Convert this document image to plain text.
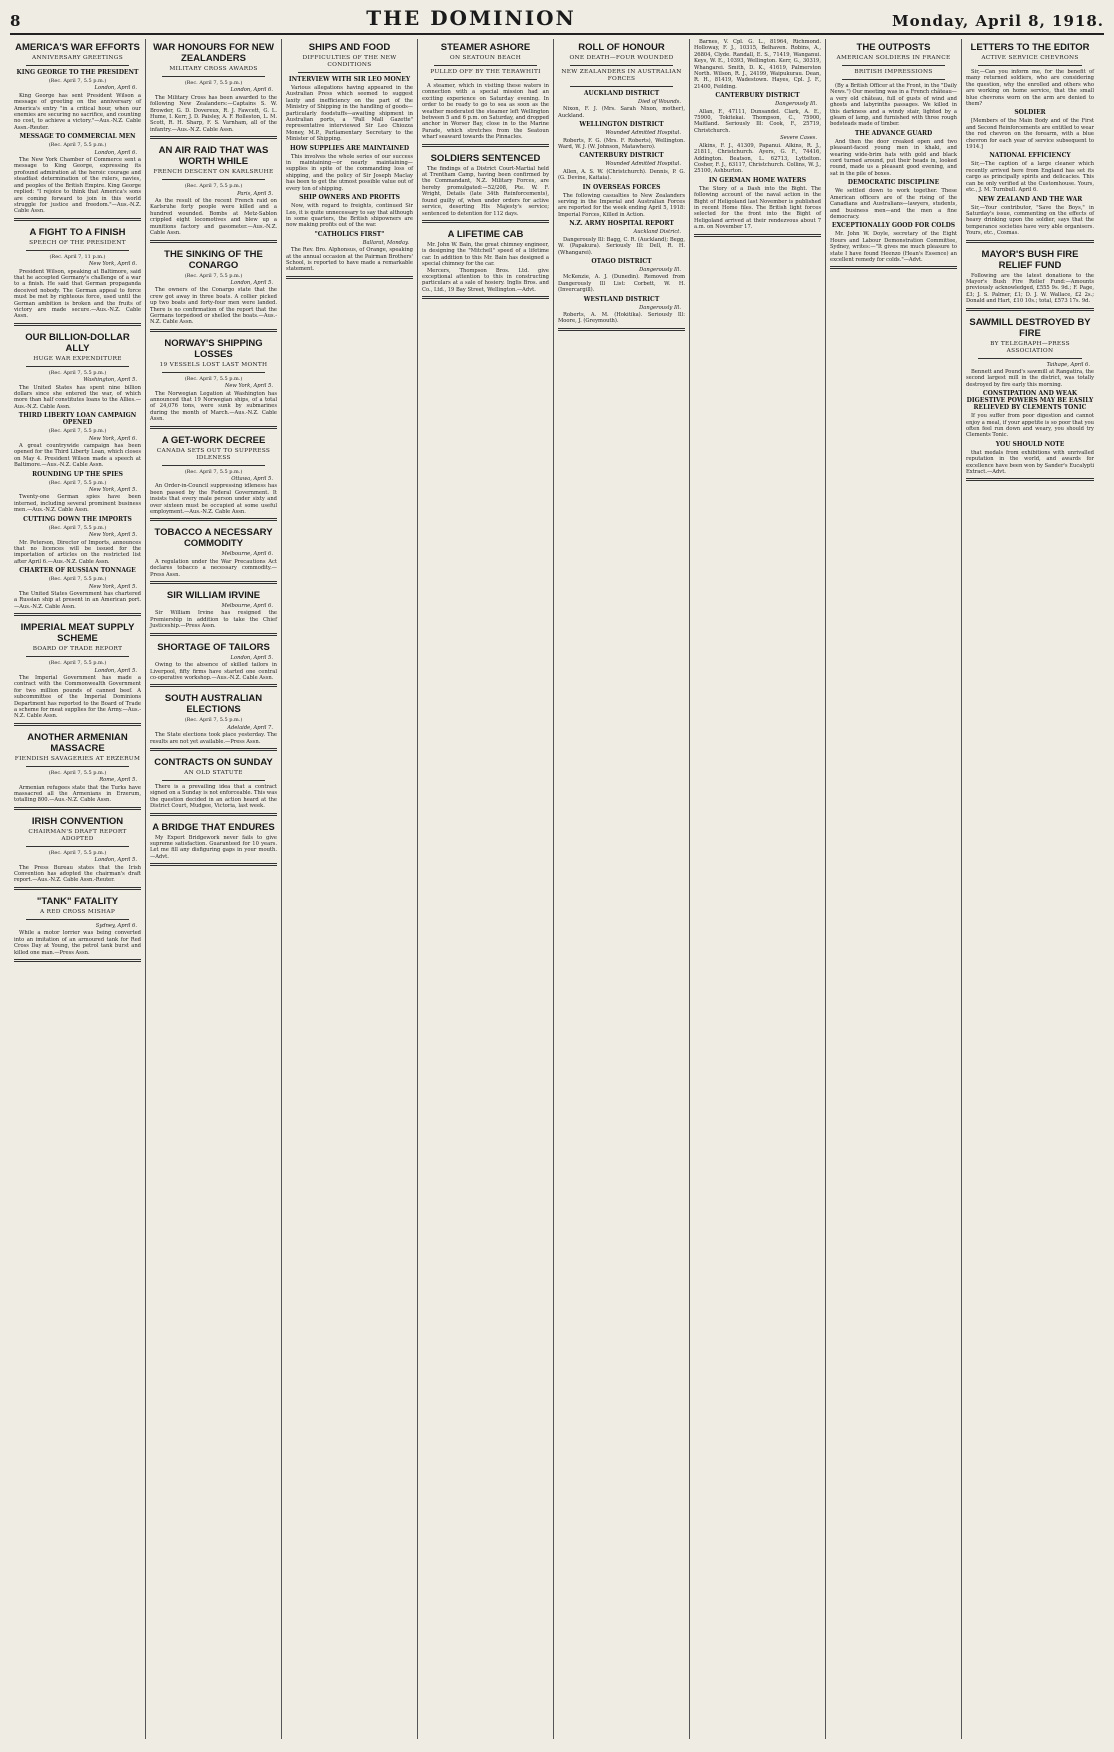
8	THE DOMINION	Monday, April 8, 1918.
AMERICA'S WAR EFFORTS
ANNIVERSARY GREETINGS
KING GEORGE TO THE PRESIDENT
(Rec. April 7, 5.5 p.m.)
London, April 6.

King George has sent President Wilson a message of greeting on the anniversary of America's entry "in a critical hour, when our enemies are securing no sacrifice, and counting no cost, to achieve a victory."—Aus.-N.Z. Cable Assn.-Reuter.

MESSAGE TO COMMERCIAL MEN
(Rec. April 7, 5.5 p.m.)
London, April 6.

The New York Chamber of Commerce sent a message to King George, expressing its profound admiration at the heroic courage and steadfast determination of the rulers, navies, and peoples of the British Empire. King George replied: "I rejoice to think that America's sons are coming forward to join in this world struggle for justice and freedom."—Aus.-N.Z. Cable Assn.

A FIGHT TO A FINISH
SPEECH OF THE PRESIDENT
(Rec. April 7, 11 p.m.)
New York, April 6.

President Wilson, speaking at Baltimore, said that he accepted Germany's challenge of a war to a finish. He said that German propaganda deceived nobody. The German appeal to force must be met by righteous force, used until the German ambition is broken and the fruits of victory are made secure.—Aus.-N.Z. Cable Assn.

OUR BILLION-DOLLAR ALLY
HUGE WAR EXPENDITURE
(Rec. April 7, 5.5 p.m.)
Washington, April 5.

The United States has spent nine billion dollars since she entered the war, of which more than half constitutes loans to the Allies.—Aus.-N.Z. Cable Assn.

THIRD LIBERTY LOAN CAMPAIGN OPENED
(Rec. April 7, 5.5 p.m.)
New York, April 6.

A great countrywide campaign has been opened for the Third Liberty Loan, which closes on May 4. President Wilson made a speech at Baltimore.—Aus.-N.Z. Cable Assn.

ROUNDING UP THE SPIES
(Rec. April 7, 5.5 p.m.)
New York, April 5.

Twenty-one German spies have been interned, including several prominent business men.—Aus.-N.Z. Cable Assn.

CUTTING DOWN THE IMPORTS
(Rec. April 7, 5.5 p.m.)
New York, April 5.

Mr. Peterson, Director of Imports, announces that no licences will be issued for the importation of articles on the restricted list after April 6.—Aus.-N.Z. Cable Assn.

CHARTER OF RUSSIAN TONNAGE
(Rec. April 7, 5.5 p.m.)
New York, April 5.

The United States Government has chartered a Russian ship at present in an American port.—Aus.-N.Z. Cable Assn.

IMPERIAL MEAT SUPPLY SCHEME
BOARD OF TRADE REPORT
(Rec. April 7, 5.5 p.m.)
London, April 5.

The Imperial Government has made a contract with the Commonwealth Government for two million pounds of canned beef. A subcommittee of the Imperial Dominions Department has reported to the Board of Trade a scheme for meat supplies for the Army.—Aus.-N.Z. Cable Assn.

ANOTHER ARMENIAN MASSACRE
FIENDISH SAVAGERIES AT ERZERUM
(Rec. April 7, 5.5 p.m.)
Rome, April 5.

Armenian refugees state that the Turks have massacred all the Armenians in Erzerum, totalling 800.—Aus.-N.Z. Cable Assn.

IRISH CONVENTION
CHAIRMAN'S DRAFT REPORT ADOPTED
(Rec. April 7, 5.5 p.m.)
London, April 5.

The Press Bureau states that the Irish Convention has adopted the chairman's draft report.—Aus.-N.Z. Cable Assn.-Reuter.

"TANK" FATALITY
A RED CROSS MISHAP
Sydney, April 6.

While a motor lorrier was being converted into an imitation of an armoured tank for Red Cross Day at Young, the petrol tank burst and killed one man.—Press Assn.

WAR HONOURS FOR NEW ZEALANDERS
MILITARY CROSS AWARDS
(Rec. April 7, 5.5 p.m.)
London, April 6.

The Military Cross has been awarded to the following New Zealanders:—Captains S. W. Browder, G. D. Dovereux, R. J. Fawcett, G. L. Hume, I. Kerr, J. D. Paisley, A. F. Rolleston, L. M. Scott, R. H. Sharp, F. S. Varnham, all of the infantry.—Aus.-N.Z. Cable Assn.

AN AIR RAID THAT WAS WORTH WHILE
FRENCH DESCENT ON KARLSRUHE
(Rec. April 7, 5.5 p.m.)
Paris, April 5.

As the result of the recent French raid on Karlsruhe forty people were killed and a hundred wounded. Bombs at Metz-Sablon crippled eight locomotives and blew up a munitions factory and gasometer.—Aus.-N.Z. Cable Assn.

THE SINKING OF THE CONARGO
(Rec. April 7, 5.5 p.m.)
London, April 5.

The owners of the Conargo state that the crew got away in three boats. A collier picked up two boats and forty-four men were landed. There is no confirmation of the report that the Germans torpedoed or shelled the boats.—Aus.-N.Z. Cable Assn.

NORWAY'S SHIPPING LOSSES
19 VESSELS LOST LAST MONTH
(Rec. April 7, 5.5 p.m.)
New York, April 5.

The Norwegian Legation at Washington has announced that 19 Norwegian ships, of a total of 24,076 tons, were sunk by submarines during the month of March.—Aus.-N.Z. Cable Assn.

A GET-WORK DECREE
CANADA SETS OUT TO SUPPRESS IDLENESS
(Rec. April 7, 5.5 p.m.)
Ottawa, April 5.

An Order-in-Council suppressing idleness has been passed by the Federal Government. It insists that every male person under sixty and over sixteen must be occupied at some useful employment.—Aus.-N.Z. Cable Assn.

TOBACCO A NECESSARY COMMODITY
Melbourne, April 6.

A regulation under the War Precautions Act declares tobacco a necessary commodity.—Press Assn.

SIR WILLIAM IRVINE
Melbourne, April 6.

Sir William Irvine has resigned the Premiership in addition to take the Chief Justiceship.—Press Assn.

SHORTAGE OF TAILORS
London, April 5.

Owing to the absence of skilled tailors in Liverpool, fifty firms have started one central co-operative workshop.—Aus.-N.Z. Cable Assn.

SOUTH AUSTRALIAN ELECTIONS
(Rec. April 7, 5.5 p.m.)
Adelaide, April 7.

The State elections took place yesterday. The results are not yet available.—Press Assn.

CONTRACTS ON SUNDAY
AN OLD STATUTE

There is a prevailing idea that a contract signed on a Sunday is not enforceable. This was the question decided in an action heard at the District Court, Mudgee, Victoria, last week.

A BRIDGE THAT ENDURES

My Expert Bridgework never fails to give supreme satisfaction. Guaranteed for 10 years. Let me fill any disfiguring gaps in your mouth.—Advt.

SHIPS AND FOOD
DIFFICULTIES OF THE NEW CONDITIONS
INTERVIEW WITH SIR LEO MONEY

Various allegations having appeared in the Australian Press which seemed to suggest laxity and inefficiency on the part of the Ministry of Shipping in the handling of goods—particularly foodstuffs—awaiting shipment in Australian ports, a "Pall Mall Gazette" representative interviewed Sir Leo Chiozza Money, M.P., Parliamentary Secretary to the Minister of Shipping.

HOW SUPPLIES ARE MAINTAINED

This involves the whole series of our success in maintaining—or nearly maintaining—supplies in spite of the commanding loss of shipping, and the policy of Sir Joseph Maclay has been to get the utmost possible value out of every ton of shipping.

SHIP OWNERS AND PROFITS

Now, with regard to freights, continued Sir Leo, it is quite unnecessary to say that although in some quarters, the British shipowners are now making profits out of the war.

"CATHOLICS FIRST"
Ballarat, Monday.

The Rev. Bro. Alphonsus, of Orange, speaking at the annual occasion at the Pairman Brothers' School, is reported to have made a remarkable statement.

STEAMER ASHORE
ON SEATOUN BEACH
PULLED OFF BY THE TERAWHITI

A steamer, which in visiting these waters in connection with a special mission had an exciting experience on Saturday evening. In order to be ready to go to sea as soon as the weather moderated the steamer left Wellington between 5 and 6 p.m. on Saturday, and dropped anchor in Worser Bay, close in to the Marine Parade, which stretches from the Seatoun wharf seaward towards the Pinnacles.

SOLDIERS SENTENCED

The findings of a District Court-Martial held at Trentham Camp, having been confirmed by the Commandant, N.Z. Military Forces, are hereby promulgated:—52/208, Pte. W. F. Wright, Details (late 34th Reinforcements), found guilty of, when under orders for active service, deserting His Majesty's service; sentenced to detention for 112 days.

A LIFETIME CAB

Mr. John W. Bain, the great chimney engineer, is designing the "Mitchell" speed of a lifetime car. In addition to this Mr. Bain has designed a special chimney for the car.

Mercers, Thompson Bros. Ltd. give exceptional attention to this in constructing particulars at a sale of hosiery. Inglis Bros. and Co., Ltd., 19 Bay Street, Wellington.—Advt.

ROLL OF HONOUR
ONE DEATH—FOUR WOUNDED
NEW ZEALANDERS IN AUSTRALIAN FORCES
AUCKLAND DISTRICT
Died of Wounds.

Nixon, F. J. (Mrs. Sarah Nixon, mother), Auckland.

WELLINGTON DISTRICT
Wounded Admitted Hospital.

Roberts, F. G. (Mrs. F. Roberts), Wellington. Ward, W. J. (W. Johnson, Matawhero).

CANTERBURY DISTRICT
Wounded Admitted Hospital.

Allen, A. S. W. (Christchurch). Dennis, P. G. (G. Devine, Kaitaia).

IN OVERSEAS FORCES

The following casualties to New Zealanders serving in the Imperial and Australian Forces are reported for the week ending April 5, 1918: Imperial Forces, Killed in Action.

N.Z. ARMY HOSPITAL REPORT
Auckland District.

Dangerously Ill: Bagg, C. R. (Auckland); Begg, W. (Papakura). Seriously Ill: Dell, R. H. (Whangarei).

OTAGO DISTRICT
Dangerously Ill.

McKenzie, A. J. (Dunedin). Removed from Dangerously Ill List: Corbett, W. H. (Invercargill).

WESTLAND DISTRICT
Dangerously Ill.

Roberts, A. M. (Hokitika). Seriously Ill: Moore, J. (Greymouth).

Barnes, V. Cpl. G. L., 81964, Richmond. Holloway, F. J., 10315, Belhaven. Robins, A., 26804, Clyde. Randall, E. S., 71419, Wanganui. Keys, W. E., 10393, Wellington. Kerr, G., 30319, Whangarei. Smith, D. K., 41619, Palmerston North. Wilson, R. J., 24199, Waipukurau. Dean, R. H., 81419, Wadestown. Hayes, Cpl. J. F., 21400, Feilding.

CANTERBURY DISTRICT
Dangerously Ill.

Allan, F., 47111, Dunsandel. Clark, A. E., 75900, Tokitekai. Thompson, C., 75900, Maitland. Seriously Ill: Cook, F., 25719, Christchurch.

Severe Cases.

Alkins, F. J., 41309, Papanui. Alkins, R. J., 21811, Christchurch. Ayers, G. F., 74416, Addington. Beatson, L. 62713, Lyttelton. Cosher, F. J., 63117, Christchurch. Collins, W. J., 25100, Ashburton.

IN GERMAN HOME WATERS

The Story of a Dash into the Bight. The following account of the naval action in the Bight of Heligoland last November is published in recent Home files. The British light forces selected for the front into the Bight of Heligoland arrived at their rendezvous about 7 a.m. on November 17.

THE OUTPOSTS
AMERICAN SOLDIERS IN FRANCE
BRITISH IMPRESSIONS

(By a British Officer at the Front, in the "Daily News.") Our meeting was in a French château—a very old château, full of gusts of wind and ghosts and labyrinths passages. We killed in this darkness and a windy stair, lighted by a gleam of lamp, and furnished with three rough bedsteads made of timber.

THE ADVANCE GUARD

And then the door creaked open and two pleasant-faced young men in khaki, and wearing wide-brim hats with gold and black cord turned around, put their heads in, looked round, made us a pleasant good evening, and sat in the pile of boxes.

DEMOCRATIC DISCIPLINE

We settled down to work together. These American officers are of the rising of the Canadians and Australians—lawyers, students, and business men—and the men a fine democracy.

EXCEPTIONALLY GOOD FOR COLDS

Mr. John W. Doyle, secretary of the Eight Hours and Labour Demonstration Committee, Sydney, writes:—"It gives me much pleasure to state I have found Heenzo (Hean's Essence) an excellent remedy for colds."—Advt.

LETTERS TO THE EDITOR
ACTIVE SERVICE CHEVRONS

Sir,—Can you inform me, for the benefit of many returned soldiers, who are considering the question, why the enrolled and others who are working on home service, that the small blue chevrons worn on the arm are denied to them?

SOLDIER

[Members of the Main Body and of the First and Second Reinforcements are entitled to wear the red chevron on the forearm, with a blue chevron for each year of service subsequent to 1914.]

NATIONAL EFFICIENCY

Sir,—The caption of a large cleaner which recently arrived here from England has set its cargo as principally spirits and delicacies. This can be only verified at the Customhouse. Yours, etc., J. M. Turnbull. April 6.

NEW ZEALAND AND THE WAR

Sir,—Your contributor, "Save the Boys," in Saturday's issue, commenting on the effects of heavy drinking upon the soldier, says that the temperance societies have very able organisers. Yours, etc., Cosmas.

MAYOR'S BUSH FIRE RELIEF FUND

Following are the latest donations to the Mayor's Bush Fire Relief Fund:—Amounts previously acknowledged, £555 9s. 9d.; F. Page, £3; J. S. Palmer, £1; D. J. W. Wallace, £2 2s.; Donald and Hart, £10 10s.; total, £573 17s. 9d.

SAWMILL DESTROYED BY FIRE
BY TELEGRAPH—PRESS ASSOCIATION
Taihape, April 6.

Bennett and Pound's sawmill at Rangatira, the second largest mill in the district, was totally destroyed by fire early this morning.

CONSTIPATION AND WEAK DIGESTIVE POWERS MAY BE EASILY RELIEVED BY CLEMENTS TONIC

If you suffer from poor digestion and cannot enjoy a meal, if your appetite is so poor that you often feel run down and weary, you should try Clements Tonic.

YOU SHOULD NOTE

that medals from exhibitions with unrivalled reputation in the world, and awards for excellence have been won by Sander's Eucalypti Extract.—Advt.
